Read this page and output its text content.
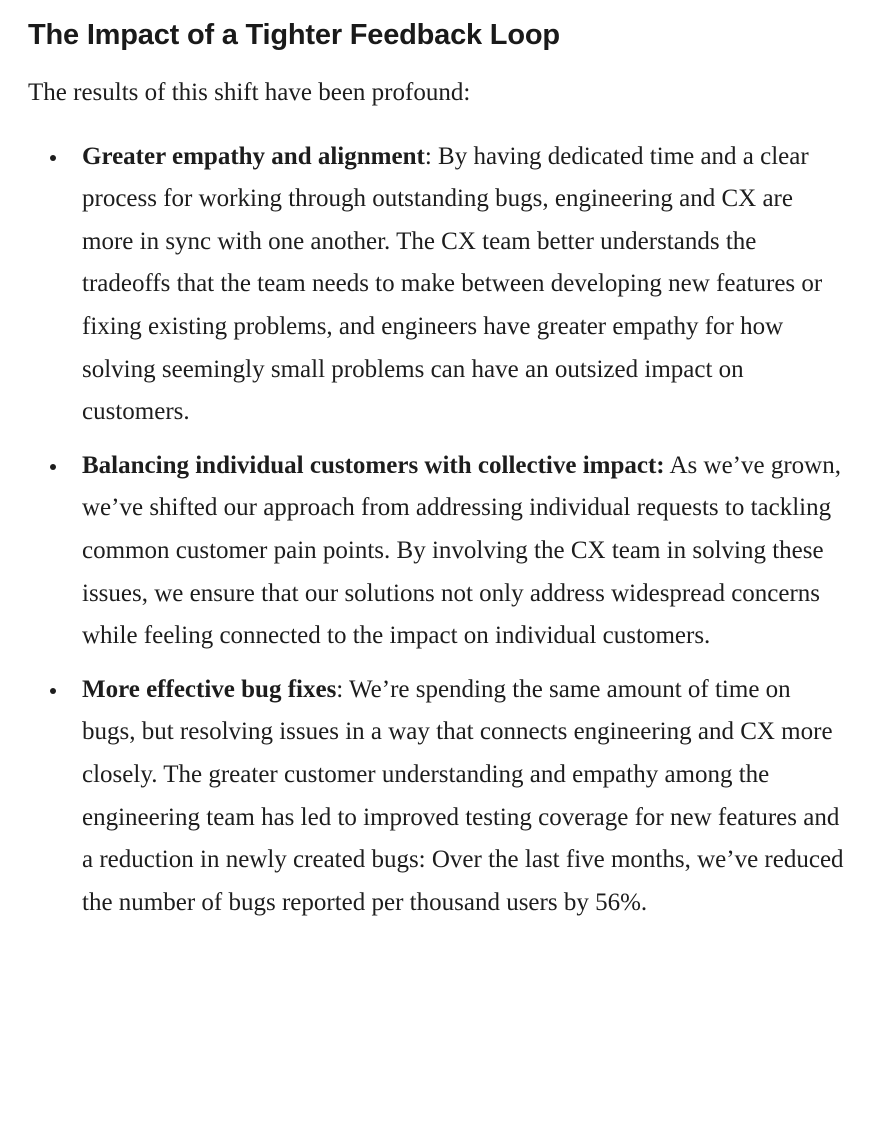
The Impact of a Tighter Feedback Loop

The results of this shift have been profound:

Greater empathy and alignment: By having dedicated time and a clear process for working through outstanding bugs, engineering and CX are more in sync with one another. The CX team better understands the tradeoffs that the team needs to make between developing new features or fixing existing problems, and engineers have greater empathy for how solving seemingly small problems can have an outsized impact on customers.
Balancing individual customers with collective impact: As we’ve grown, we’ve shifted our approach from addressing individual requests to tackling common customer pain points. By involving the CX team in solving these issues, we ensure that our solutions not only address widespread concerns while feeling connected to the impact on individual customers.
More effective bug fixes: We’re spending the same amount of time on bugs, but resolving issues in a way that connects engineering and CX more closely. The greater customer understanding and empathy among the engineering team has led to improved testing coverage for new features and a reduction in newly created bugs: Over the last five months, we’ve reduced the number of bugs reported per thousand users by 56%.
